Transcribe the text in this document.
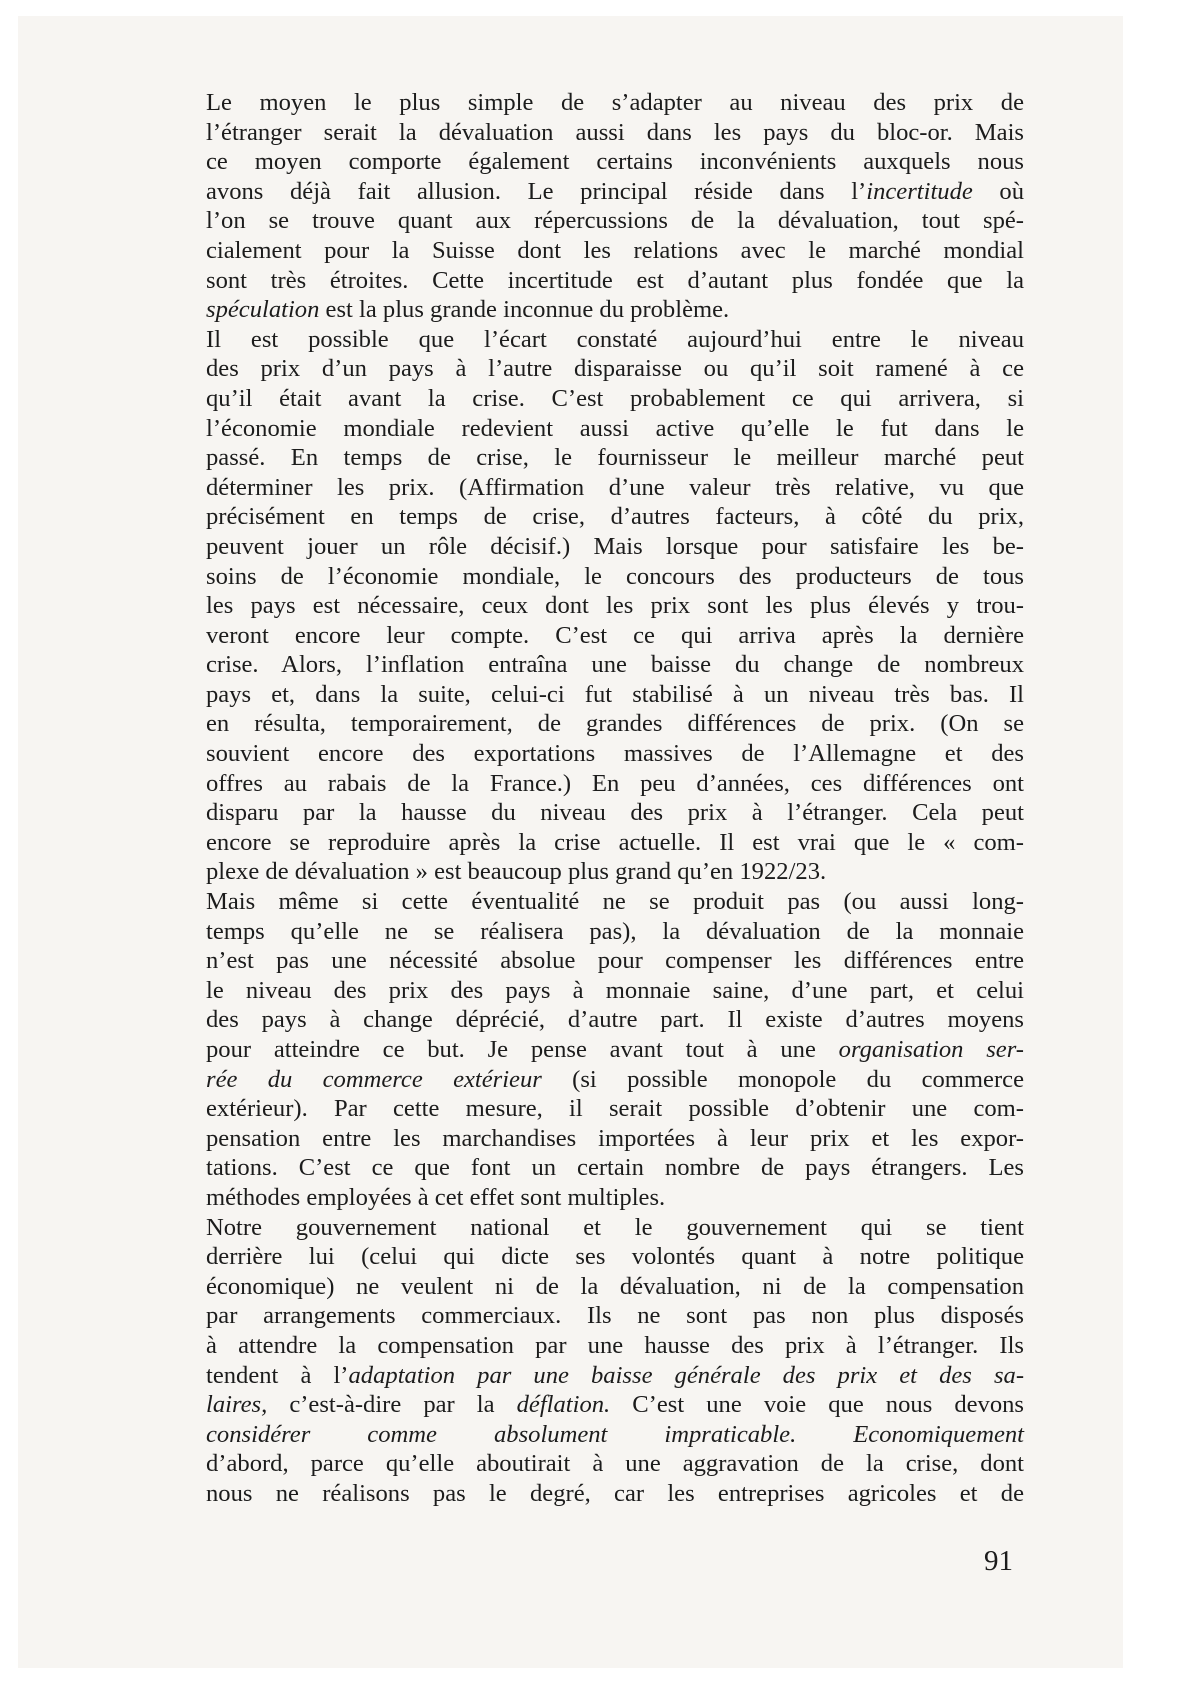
Le moyen le plus simple de s’adapter au niveau des prix de
l’étranger serait la dévaluation aussi dans les pays du bloc-or. Mais
ce moyen comporte également certains inconvénients auxquels nous
avons déjà fait allusion. Le principal réside dans l’incertitude où
l’on se trouve quant aux répercussions de la dévaluation, tout spé-
cialement pour la Suisse dont les relations avec le marché mondial
sont très étroites. Cette incertitude est d’autant plus fondée que la
spéculation est la plus grande inconnue du problème.
Il est possible que l’écart constaté aujourd’hui entre le niveau
des prix d’un pays à l’autre disparaisse ou qu’il soit ramené à ce
qu’il était avant la crise. C’est probablement ce qui arrivera, si
l’économie mondiale redevient aussi active qu’elle le fut dans le
passé. En temps de crise, le fournisseur le meilleur marché peut
déterminer les prix. (Affirmation d’une valeur très relative, vu que
précisément en temps de crise, d’autres facteurs, à côté du prix,
peuvent jouer un rôle décisif.) Mais lorsque pour satisfaire les be-
soins de l’économie mondiale, le concours des producteurs de tous
les pays est nécessaire, ceux dont les prix sont les plus élevés y trou-
veront encore leur compte. C’est ce qui arriva après la dernière
crise. Alors, l’inflation entraîna une baisse du change de nombreux
pays et, dans la suite, celui-ci fut stabilisé à un niveau très bas. Il
en résulta, temporairement, de grandes différences de prix. (On se
souvient encore des exportations massives de l’Allemagne et des
offres au rabais de la France.) En peu d’années, ces différences ont
disparu par la hausse du niveau des prix à l’étranger. Cela peut
encore se reproduire après la crise actuelle. Il est vrai que le « com-
plexe de dévaluation » est beaucoup plus grand qu’en 1922/23.
Mais même si cette éventualité ne se produit pas (ou aussi long-
temps qu’elle ne se réalisera pas), la dévaluation de la monnaie
n’est pas une nécessité absolue pour compenser les différences entre
le niveau des prix des pays à monnaie saine, d’une part, et celui
des pays à change déprécié, d’autre part. Il existe d’autres moyens
pour atteindre ce but. Je pense avant tout à une organisation ser-
rée du commerce extérieur (si possible monopole du commerce
extérieur). Par cette mesure, il serait possible d’obtenir une com-
pensation entre les marchandises importées à leur prix et les expor-
tations. C’est ce que font un certain nombre de pays étrangers. Les
méthodes employées à cet effet sont multiples.
Notre gouvernement national et le gouvernement qui se tient
derrière lui (celui qui dicte ses volontés quant à notre politique
économique) ne veulent ni de la dévaluation, ni de la compensation
par arrangements commerciaux. Ils ne sont pas non plus disposés
à attendre la compensation par une hausse des prix à l’étranger. Ils
tendent à l’adaptation par une baisse générale des prix et des sa-
laires, c’est-à-dire par la déflation. C’est une voie que nous devons
considérer comme absolument impraticable. Economiquement
d’abord, parce qu’elle aboutirait à une aggravation de la crise, dont
nous ne réalisons pas le degré, car les entreprises agricoles et de
91
